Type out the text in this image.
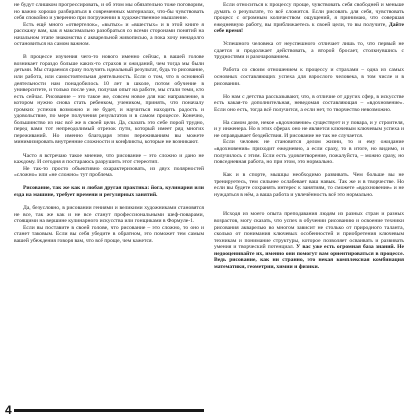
не будут слишком прогрессировать, и об этом мы обязательно тоже поговорим, но важно хорошо разбираться в современных материалах, что-бы чувствовать себя спокойно и уверенно при погружении в художественное мышление.

Есть ещё много «отвертелок», «вытых» и «вшестых» и в этой книге я расскажу вам, как я максимально разобраться со всеми сторонами понятий на начальном этапе знакомства с акварельной живописью, а пока хочу ненадолго остановиться на самом важном.

В процессе изучения чего-то нового именно сейчас, в вашей голове возникает гораздо больше каких-то страхов и ожиданий, чем тогда мы были детьми. Мы стараемся сразу получить идеальный результат, будь то рисование, или работа, или самостоятельная деятельность. Если о том, что в основной деятельности нам понадобилось 10 лет в школе, потом обучение в университете, и только после уже, получая опыт на работе, мы стали теми, кто есть сейчас. Рисование – это такое же, совсем новое для нас направление, в котором нужно снова стать ребенком, учеником, принять, что поначалу громких успехов возможно и не будет, и научиться находить радость и удовольствие, по мере получения результатов и в самом процессе. Конечно, большинство из нас всё же в своей цели. Да, сказать это себе порой трудно, перед вами тот непреодолимый отрезок пути, который имеет ряд многих переживаний. Но именно благодаря этим переживаниям вы можете минимизировать внутренние сложности и конфликты, которые не возникают.

Часто я встречаю такое мнение, что рисование – это сложно и дано не каждому. И сегодня я постараюсь разрушить этот стереотип.

Не так-то просто объективно охарактеризовать, из двух полярностей «сложно» или «не сложно» тут проблема.

Рисование, так же как и любая другая практика: йога, кулинария или езда на машине, требует времени и регулярных занятий.

Да, безусловно, в рисовании гениями и великими художниками становятся не все, так же как и не все станут профессиональными шеф-поварами, стоящими на вершине кулинарного искусства или гонщиками в Формуле-1.

Если вы поставите в своей голове, что рисование – это сложно, то оно и станет таковым. Если вы себя убедите в обратном, это поможет тем самым вашей убеждения говоря вам, что всё проще, чем кажется.

Если относиться к процессу проще, чувствовать себя свободней и меньше думать о результате, то всё сложится. Если рисовать для себя, чувствовать процесс с огромным количеством ощущений, я принимаю, что совершая ежедневную работу, вы приближаетесь к своей цели, то вы получите, Дайте себе время!

Успешного человека от неуспешного отличает лишь то, что первый не сдается и продолжает действовать, а второй бросает, столкнувшись с трудностями и разочарованием.

Работа со своим отношением к процессу и страхами – одна из самых основных составляющих успеха для взрослого человека, в том числе и в рисовании.

Но нам с детства рассказывают, что, в отличие от других сфер, в искусстве есть какая-то дополнительная, неведомая составляющая – «вдохновение». Если оно есть, тогда всё получится, а если нет, то творчество невозможно.

На самом деле, некое «вдохновение» существует и у повара, и у строителя, и у инженера. Но в этих сферах оно не является ключевым ключевым успеха и не оправдывает бездействия. И рисование не так не случается.

Если человек не становится делом жизни, то и ему ожидание «вдохновения» приходит ежедневно, а если сразу, то в итоге, но видимо, и получилось с этим. Если есть удовлетворение, пожалуйста, – можно сразу, но повседневная работа, но при этом, это нормально.

Как и в спорте, мышцы необходимо развивать. Чем больше вы не тренируетесь, тем сильнее ослабевает ваш навык. Так же и в творчестве. Но если вы будете сохранять интерес к занятиям, то сможете «вдохновение» и не нуждаться в нём, а ваша работа и увлечённость всё это нормально.

Исходя из моего опыта преподавания людям из разных стран и разных возрастов, могу сказать, что успех в обучении рисованию и освоение техники рисования акварелью во многом зависит не столько от природного таланта, сколько от понимания ключевых особенностей и приобретения ключевым техникам и понимание структуры, которое позволяет осваивать и развивать умения и творческий потенциал. У вас уже есть огромная база знаний. Не недооценивайте их, именно они помогут вам ориентироваться в процессе. Ведь рисование, как ни странно, это некая комплексная комбинация математики, геометрии, химии и физики.

4
